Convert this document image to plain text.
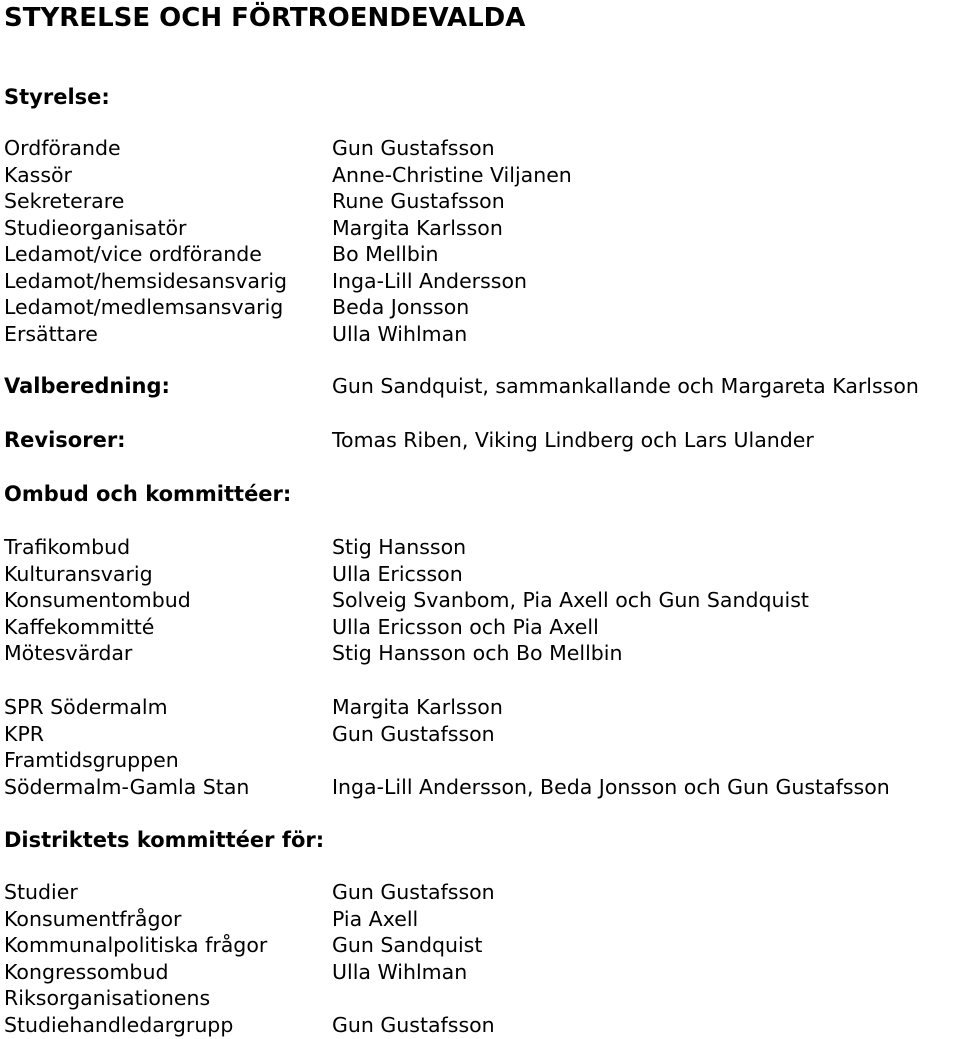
STYRELSE OCH FÖRTROENDEVALDA
Styrelse:
Ordförande	Gun Gustafsson
Kassör	Anne-Christine Viljanen
Sekreterare	Rune Gustafsson
Studieorganisatör	Margita Karlsson
Ledamot/vice ordförande	Bo Mellbin
Ledamot/hemsidesansvarig Inga-Lill Andersson
Ledamot/medlemsansvarig Beda Jonsson
Ersättare	Ulla Wihlman
Valberedning:	Gun Sandquist, sammankallande och Margareta Karlsson
Revisorer:	Tomas Riben, Viking Lindberg och Lars Ulander
Ombud och kommittéer:
Trafikombud	Stig Hansson
Kulturansvarig	Ulla Ericsson
Konsumentombud	Solveig Svanbom, Pia Axell och Gun Sandquist
Kaffekommitté	Ulla Ericsson och Pia Axell
Mötesvärdar	Stig Hansson och Bo Mellbin
SPR Södermalm	Margita Karlsson
KPR	Gun Gustafsson
Framtidsgruppen
Södermalm-Gamla Stan	Inga-Lill Andersson, Beda Jonsson och Gun Gustafsson
Distriktets kommittéer för:
Studier	Gun Gustafsson
Konsumentfrågor	Pia Axell
Kommunalpolitiska frågor	Gun Sandquist
Kongressombud	Ulla Wihlman
Riksorganisationens
Studiehandledargrupp	Gun Gustafsson
